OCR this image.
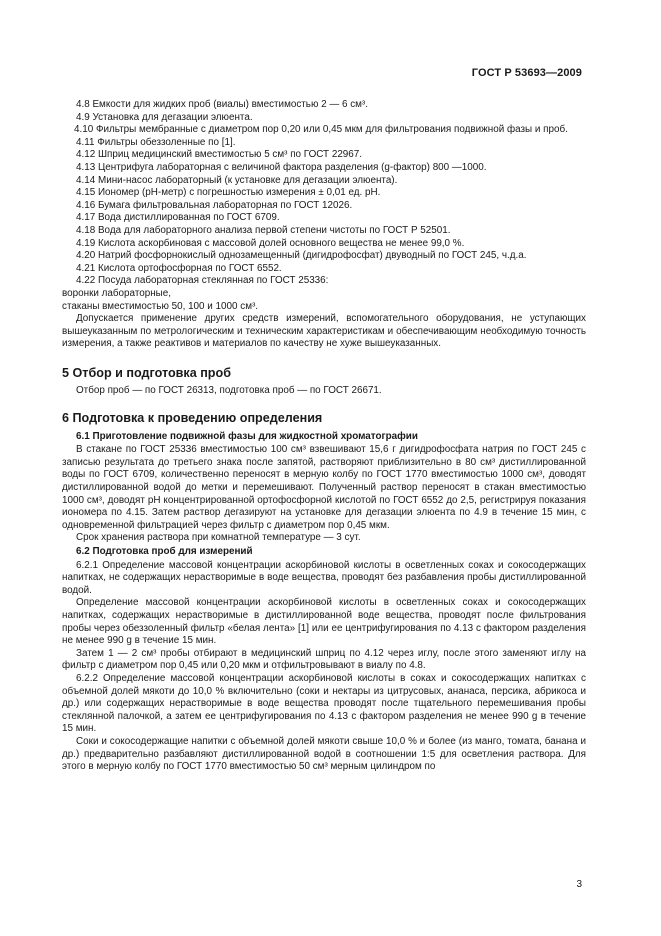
ГОСТ Р 53693—2009
4.8 Емкости для жидких проб (виалы) вместимостью 2 — 6 см³.
4.9 Установка для дегазации элюента.
4.10 Фильтры мембранные с диаметром пор 0,20 или 0,45 мкм для фильтрования подвижной фазы и проб.
4.11 Фильтры обеззоленные по [1].
4.12 Шприц медицинский вместимостью 5 см³ по ГОСТ 22967.
4.13 Центрифуга лабораторная с величиной фактора разделения (g-фактор) 800 —1000.
4.14 Мини-насос лабораторный (к установке для дегазации элюента).
4.15 Иономер (рН-метр) с погрешностью измерения ± 0,01 ед. рН.
4.16 Бумага фильтровальная лабораторная по ГОСТ 12026.
4.17 Вода дистиллированная по ГОСТ 6709.
4.18 Вода для лабораторного анализа первой степени чистоты по ГОСТ Р 52501.
4.19 Кислота аскорбиновая с массовой долей основного вещества не менее 99,0 %.
4.20 Натрий фосфорнокислый однозамещенный (дигидрофосфат) двуводный по ГОСТ 245, ч.д.а.
4.21 Кислота ортофосфорная по ГОСТ 6552.
4.22 Посуда лабораторная стеклянная по ГОСТ 25336:
воронки лабораторные,
стаканы вместимостью 50, 100 и 1000 см³.
Допускается применение других средств измерений, вспомогательного оборудования, не уступающих вышеуказанным по метрологическим и техническим характеристикам и обеспечивающим необходимую точность измерения, а также реактивов и материалов по качеству не хуже вышеуказанных.
5 Отбор и подготовка проб
Отбор проб — по ГОСТ 26313, подготовка проб — по ГОСТ 26671.
6 Подготовка к проведению определения
6.1 Приготовление подвижной фазы для жидкостной хроматографии
В стакане по ГОСТ 25336 вместимостью 100 см³ взвешивают 15,6 г дигидрофосфата натрия по ГОСТ 245 с записью результата до третьего знака после запятой, растворяют приблизительно в 80 см³ дистиллированной воды по ГОСТ 6709, количественно переносят в мерную колбу по ГОСТ 1770 вместимостью 1000 см³, доводят дистиллированной водой до метки и перемешивают. Полученный раствор переносят в стакан вместимостью 1000 см³, доводят рН концентрированной ортофосфорной кислотой по ГОСТ 6552 до 2,5, регистрируя показания иономера по 4.15. Затем раствор дегазируют на установке для дегазации элюента по 4.9 в течение 15 мин, с одновременной фильтрацией через фильтр с диаметром пор 0,45 мкм.
Срок хранения раствора при комнатной температуре — 3 сут.
6.2 Подготовка проб для измерений
6.2.1 Определение массовой концентрации аскорбиновой кислоты в осветленных соках и сокосодержащих напитках, не содержащих нерастворимые в воде вещества, проводят без разбавления пробы дистиллированной водой.
Определение массовой концентрации аскорбиновой кислоты в осветленных соках и сокосодержащих напитках, содержащих нерастворимые в дистиллированной воде вещества, проводят после фильтрования пробы через обеззоленный фильтр «белая лента» [1] или ее центрифугирования по 4.13 с фактором разделения не менее 990 g в течение 15 мин.
Затем 1 — 2 см³ пробы отбирают в медицинский шприц по 4.12 через иглу, после этого заменяют иглу на фильтр с диаметром пор 0,45 или 0,20 мкм и отфильтровывают в виалу по 4.8.
6.2.2 Определение массовой концентрации аскорбиновой кислоты в соках и сокосодержащих напитках с объемной долей мякоти до 10,0 % включительно (соки и нектары из цитрусовых, ананаса, персика, абрикоса и др.) или содержащих нерастворимые в воде вещества проводят после тщательного перемешивания пробы стеклянной палочкой, а затем ее центрифугирования по 4.13 с фактором разделения не менее 990 g в течение 15 мин.
Соки и сокосодержащие напитки с объемной долей мякоти свыше 10,0 % и более (из манго, томата, банана и др.) предварительно разбавляют дистиллированной водой в соотношении 1:5 для осветления раствора. Для этого в мерную колбу по ГОСТ 1770 вместимостью 50 см³ мерным цилиндром по
3
